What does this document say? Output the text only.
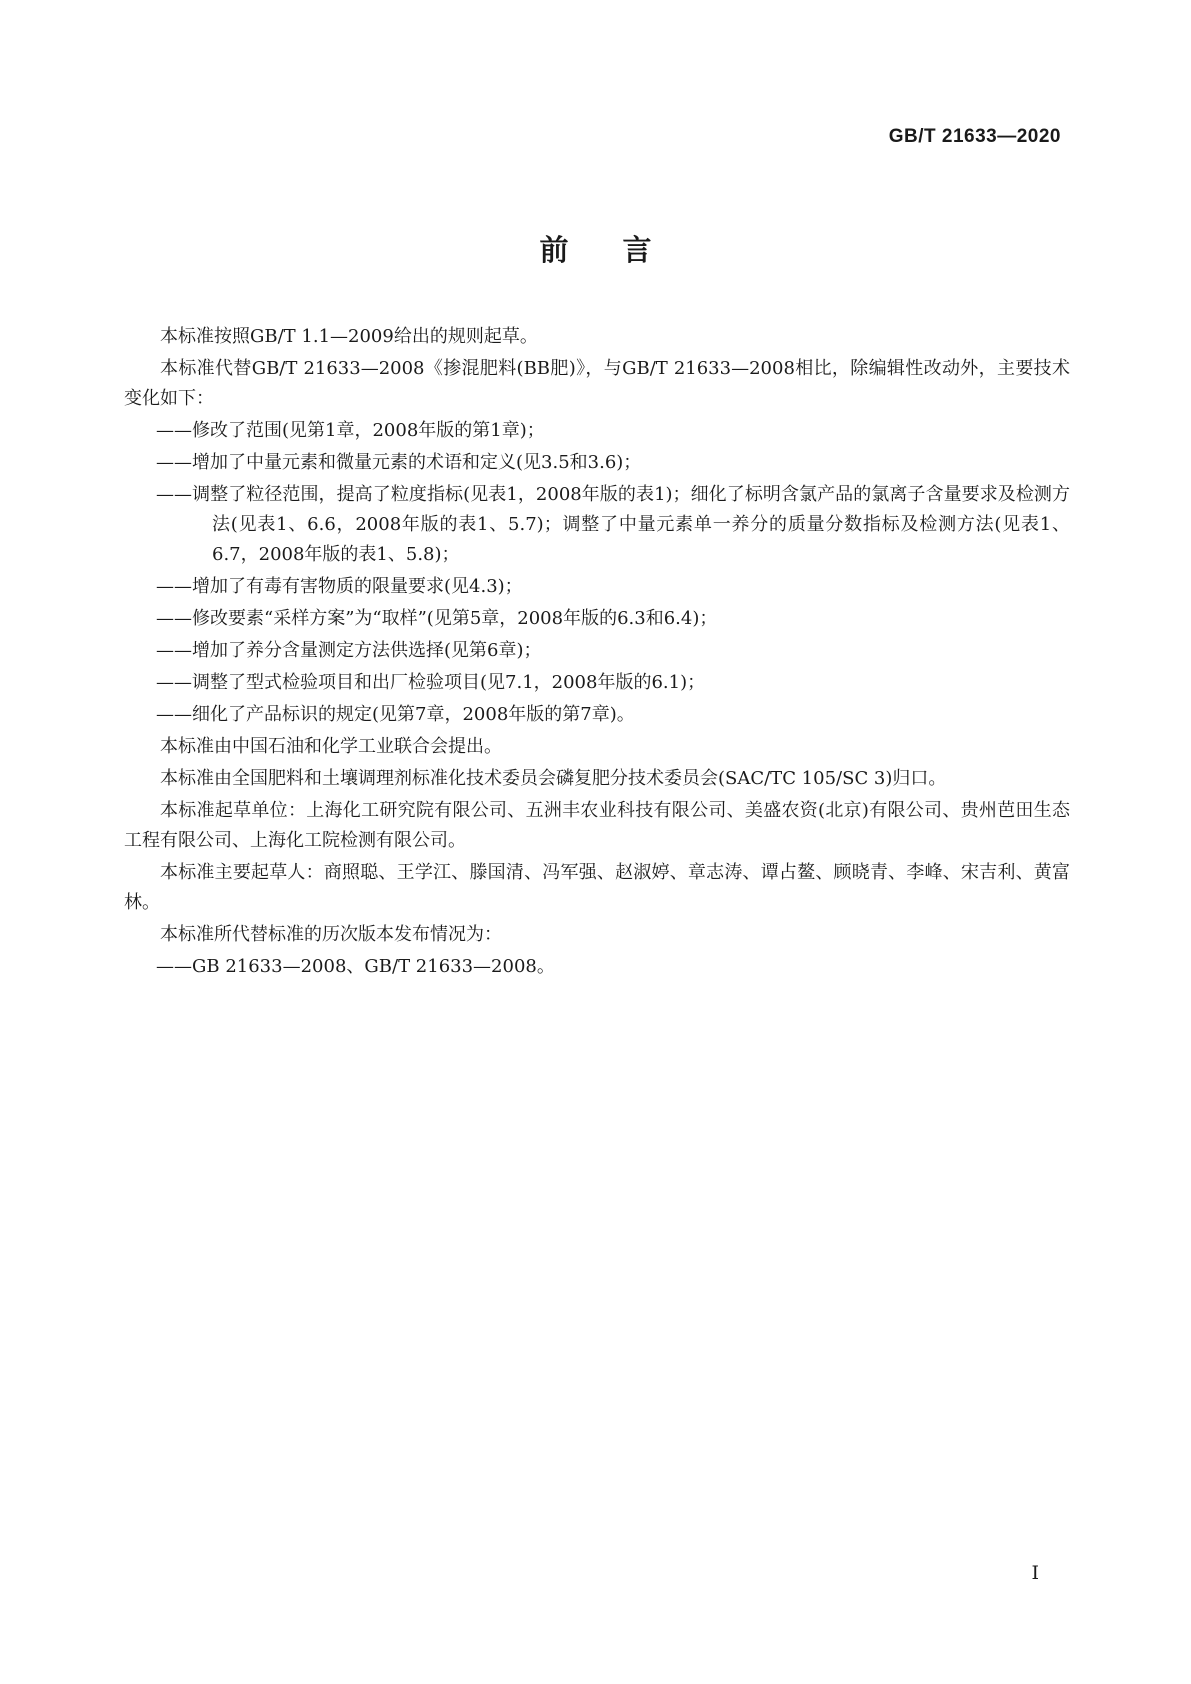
GB/T 21633—2020
前言

本标准按照GB/T 1.1—2009给出的规则起草。

本标准代替GB/T 21633—2008《掺混肥料(BB肥)》，与GB/T 21633—2008相比，除编辑性改动外，主要技术变化如下：

——修改了范围(见第1章，2008年版的第1章)；

——增加了中量元素和微量元素的术语和定义(见3.5和3.6)；

——调整了粒径范围，提高了粒度指标(见表1，2008年版的表1)；细化了标明含氯产品的氯离子含量要求及检测方法(见表1、6.6，2008年版的表1、5.7)；调整了中量元素单一养分的质量分数指标及检测方法(见表1、6.7，2008年版的表1、5.8)；

——增加了有毒有害物质的限量要求(见4.3)；

——修改要素“采样方案”为“取样”(见第5章，2008年版的6.3和6.4)；

——增加了养分含量测定方法供选择(见第6章)；

——调整了型式检验项目和出厂检验项目(见7.1，2008年版的6.1)；

——细化了产品标识的规定(见第7章，2008年版的第7章)。

本标准由中国石油和化学工业联合会提出。

本标准由全国肥料和土壤调理剂标准化技术委员会磷复肥分技术委员会(SAC/TC 105/SC 3)归口。

本标准起草单位：上海化工研究院有限公司、五洲丰农业科技有限公司、美盛农资(北京)有限公司、贵州芭田生态工程有限公司、上海化工院检测有限公司。

本标准主要起草人：商照聪、王学江、滕国清、冯军强、赵淑婷、章志涛、谭占鳌、顾晓青、李峰、宋吉利、黄富林。

本标准所代替标准的历次版本发布情况为：

——GB 21633—2008、GB/T 21633—2008。

I
